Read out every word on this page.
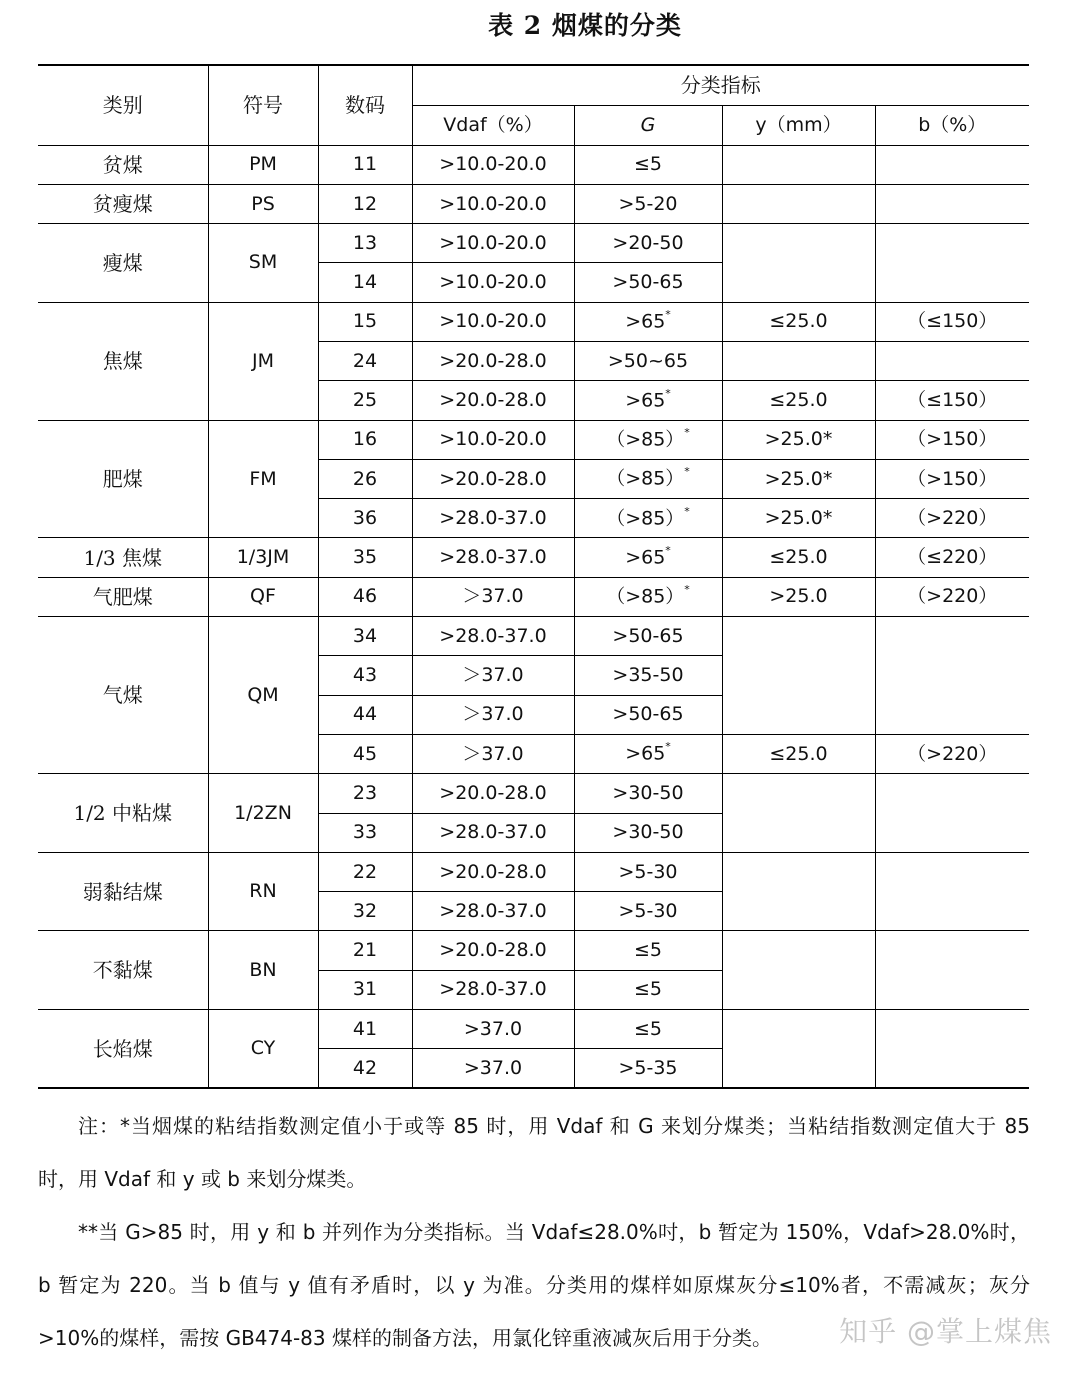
表 2 烟煤的分类
类别	符号	数码	分类指标			
			Vdaf（%）	G	y（mm）	b（%）
贫煤	PM	11	>10.0-20.0	≤5		
贫瘦煤	PS	12	>10.0-20.0	>5-20		
瘦煤	SM	13	>10.0-20.0	>20-50		
		14	>10.0-20.0	>50-65		
焦煤	JM	15	>10.0-20.0	>65*	≤25.0	（≤150）
		24	>20.0-28.0	>50~65		
		25	>20.0-28.0	>65*	≤25.0	（≤150）
肥煤	FM	16	>10.0-20.0	（>85）*	>25.0*	（>150）
		26	>20.0-28.0	（>85）*	>25.0*	（>150）
		36	>28.0-37.0	（>85）*	>25.0*	（>220）
1/3 焦煤	1/3JM	35	>28.0-37.0	>65*	≤25.0	（≤220）
气肥煤	QF	46	＞37.0	（>85）*	>25.0	（>220）
气煤	QM	34	>28.0-37.0	>50-65		
		43	＞37.0	>35-50		
		44	＞37.0	>50-65		
		45	＞37.0	>65*	≤25.0	（>220）
1/2 中粘煤	1/2ZN	23	>20.0-28.0	>30-50		
		33	>28.0-37.0	>30-50		
弱黏结煤	RN	22	>20.0-28.0	>5-30		
		32	>28.0-37.0	>5-30		
不黏煤	BN	21	>20.0-28.0	≤5		
		31	>28.0-37.0	≤5		
长焰煤	CY	41	>37.0	≤5		
		42	>37.0	>5-35		

注：*当烟煤的粘结指数测定值小于或等 85 时，用 Vdaf 和 G 来划分煤类；当粘结指数测定值大于 85 时，用 Vdaf 和 y 或 b 来划分煤类。

**当 G>85 时，用 y 和 b 并列作为分类指标。当 Vdaf≤28.0%吋，b 暂定为 150%，Vdaf>28.0%时，b 暂定为 220。当 b 值与 y 值有矛盾时，以 y 为准。分类用的煤样如原煤灰分≤10%者，不需减灰；灰分>10%的煤样，需按 GB474-83 煤样的制备方法，用氯化锌重液减灰后用于分类。	知乎 @掌上煤焦
